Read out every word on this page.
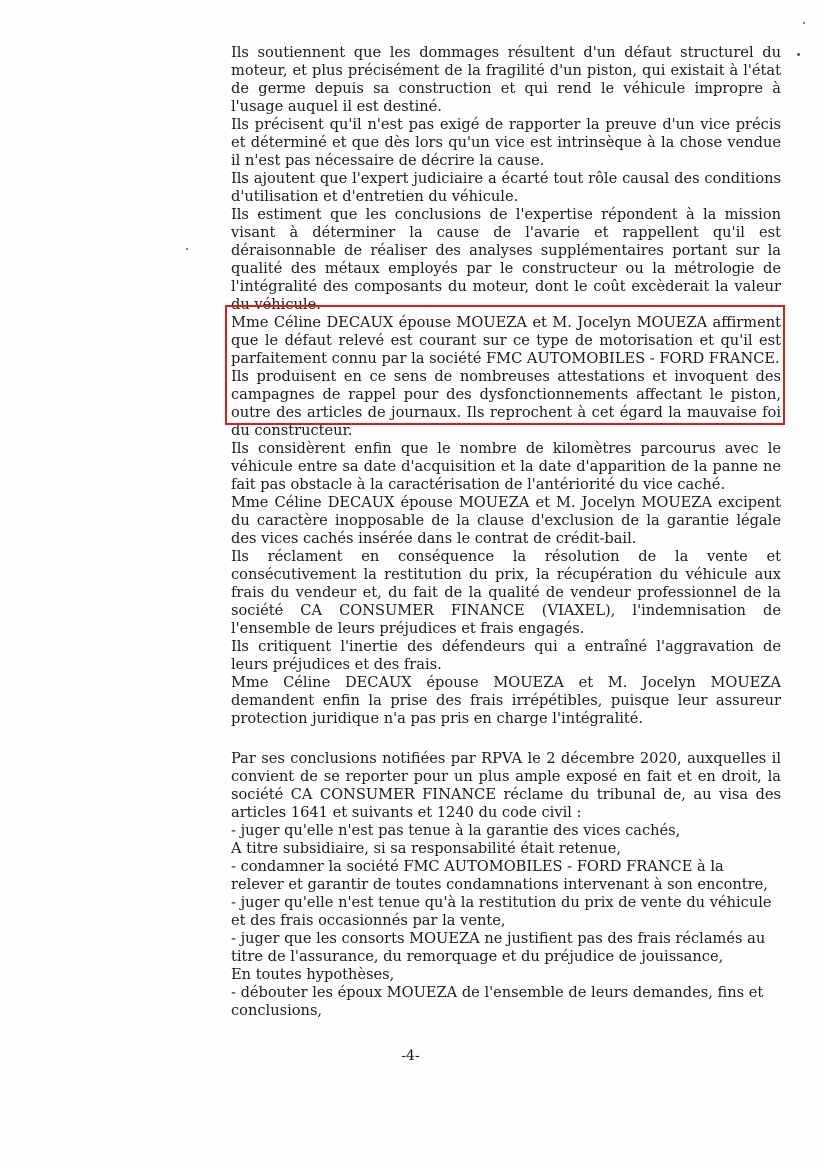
Ils soutiennent que les dommages résultent d'un défaut structurel du moteur, et plus précisément de la fragilité d'un piston, qui existait à l'état de germe depuis sa construction et qui rend le véhicule impropre à l'usage auquel il est destiné.

Ils précisent qu'il n'est pas exigé de rapporter la preuve d'un vice précis et déterminé et que dès lors qu'un vice est intrinsèque à la chose vendue il n'est pas nécessaire de décrire la cause.

Ils ajoutent que l'expert judiciaire a écarté tout rôle causal des conditions d'utilisation et d'entretien du véhicule.

Ils estiment que les conclusions de l'expertise répondent à la mission visant à déterminer la cause de l'avarie et rappellent qu'il est déraisonnable de réaliser des analyses supplémentaires portant sur la qualité des métaux employés par le constructeur ou la métrologie de l'intégralité des composants du moteur, dont le coût excèderait la valeur du véhicule.

Mme Céline DECAUX épouse MOUEZA et M. Jocelyn MOUEZA affirment que le défaut relevé est courant sur ce type de motorisation et qu'il est parfaitement connu par la société FMC AUTOMOBILES - FORD FRANCE.

Ils produisent en ce sens de nombreuses attestations et invoquent des campagnes de rappel pour des dysfonctionnements affectant le piston, outre des articles de journaux. Ils reprochent à cet égard la mauvaise foi du constructeur.

Ils considèrent enfin que le nombre de kilomètres parcourus avec le véhicule entre sa date d'acquisition et la date d'apparition de la panne ne fait pas obstacle à la caractérisation de l'antériorité du vice caché.

Mme Céline DECAUX épouse MOUEZA et M. Jocelyn MOUEZA excipent du caractère inopposable de la clause d'exclusion de la garantie légale des vices cachés insérée dans le contrat de crédit-bail.

Ils réclament en conséquence la résolution de la vente et consécutivement la restitution du prix, la récupération du véhicule aux frais du vendeur et, du fait de la qualité de vendeur professionnel de la société CA CONSUMER FINANCE (VIAXEL), l'indemnisation de l'ensemble de leurs préjudices et frais engagés.

Ils critiquent l'inertie des défendeurs qui a entraîné l'aggravation de leurs préjudices et des frais.

Mme Céline DECAUX épouse MOUEZA et M. Jocelyn MOUEZA demandent enfin la prise des frais irrépétibles, puisque leur assureur protection juridique n'a pas pris en charge l'intégralité.

Par ses conclusions notifiées par RPVA le 2 décembre 2020, auxquelles il convient de se reporter pour un plus ample exposé en fait et en droit, la société CA CONSUMER FINANCE réclame du tribunal de, au visa des articles 1641 et suivants et 1240 du code civil :

- juger qu'elle n'est pas tenue à la garantie des vices cachés,
A titre subsidiaire, si sa responsabilité était retenue,
- condamner la société FMC AUTOMOBILES - FORD FRANCE à la relever et garantir de toutes condamnations intervenant à son encontre,
- juger qu'elle n'est tenue qu'à la restitution du prix de vente du véhicule et des frais occasionnés par la vente,
- juger que les consorts MOUEZA ne justifient pas des frais réclamés au titre de l'assurance, du remorquage et du préjudice de jouissance,
En toutes hypothèses,
- débouter les époux MOUEZA de l'ensemble de leurs demandes, fins et conclusions,
-4-
